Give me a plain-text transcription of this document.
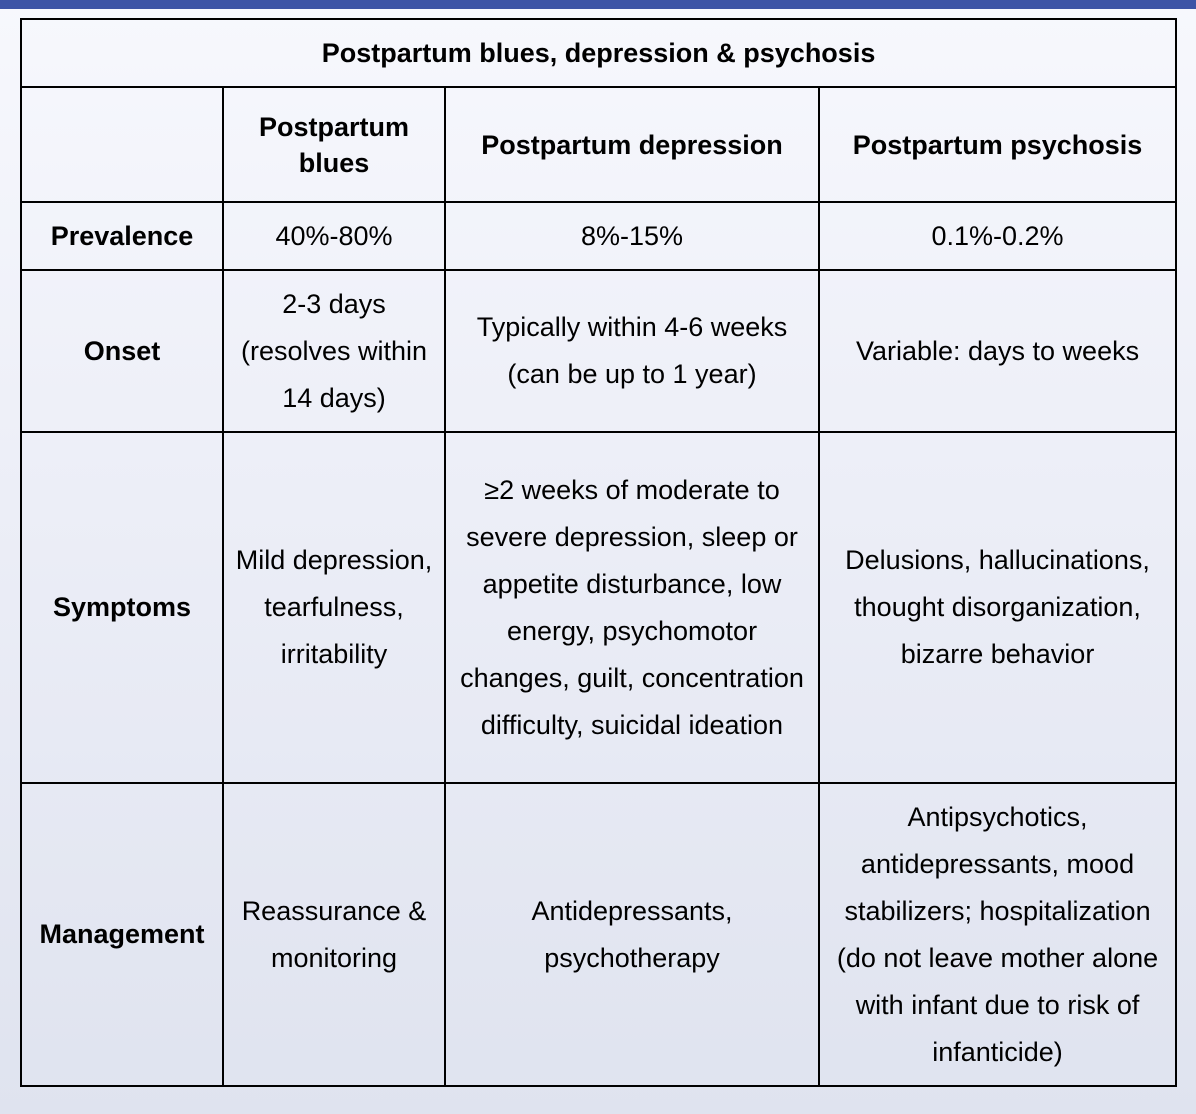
Postpartum blues, depression & psychosis			
	Postpartum blues	Postpartum depression	Postpartum psychosis
Prevalence	40%-80%	8%-15%	0.1%-0.2%
Onset	2-3 days (resolves within 14 days)	Typically within 4-6 weeks (can be up to 1 year)	Variable: days to weeks
Symptoms	Mild depression, tearfulness, irritability	≥2 weeks of moderate to severe depression, sleep or appetite disturbance, low energy, psychomotor changes, guilt, concentration difficulty, suicidal ideation	Delusions, hallucinations, thought disorganization, bizarre behavior
Management	Reassurance & monitoring	Antidepressants, psychotherapy	Antipsychotics, antidepressants, mood stabilizers; hospitalization (do not leave mother alone with infant due to risk of infanticide)
